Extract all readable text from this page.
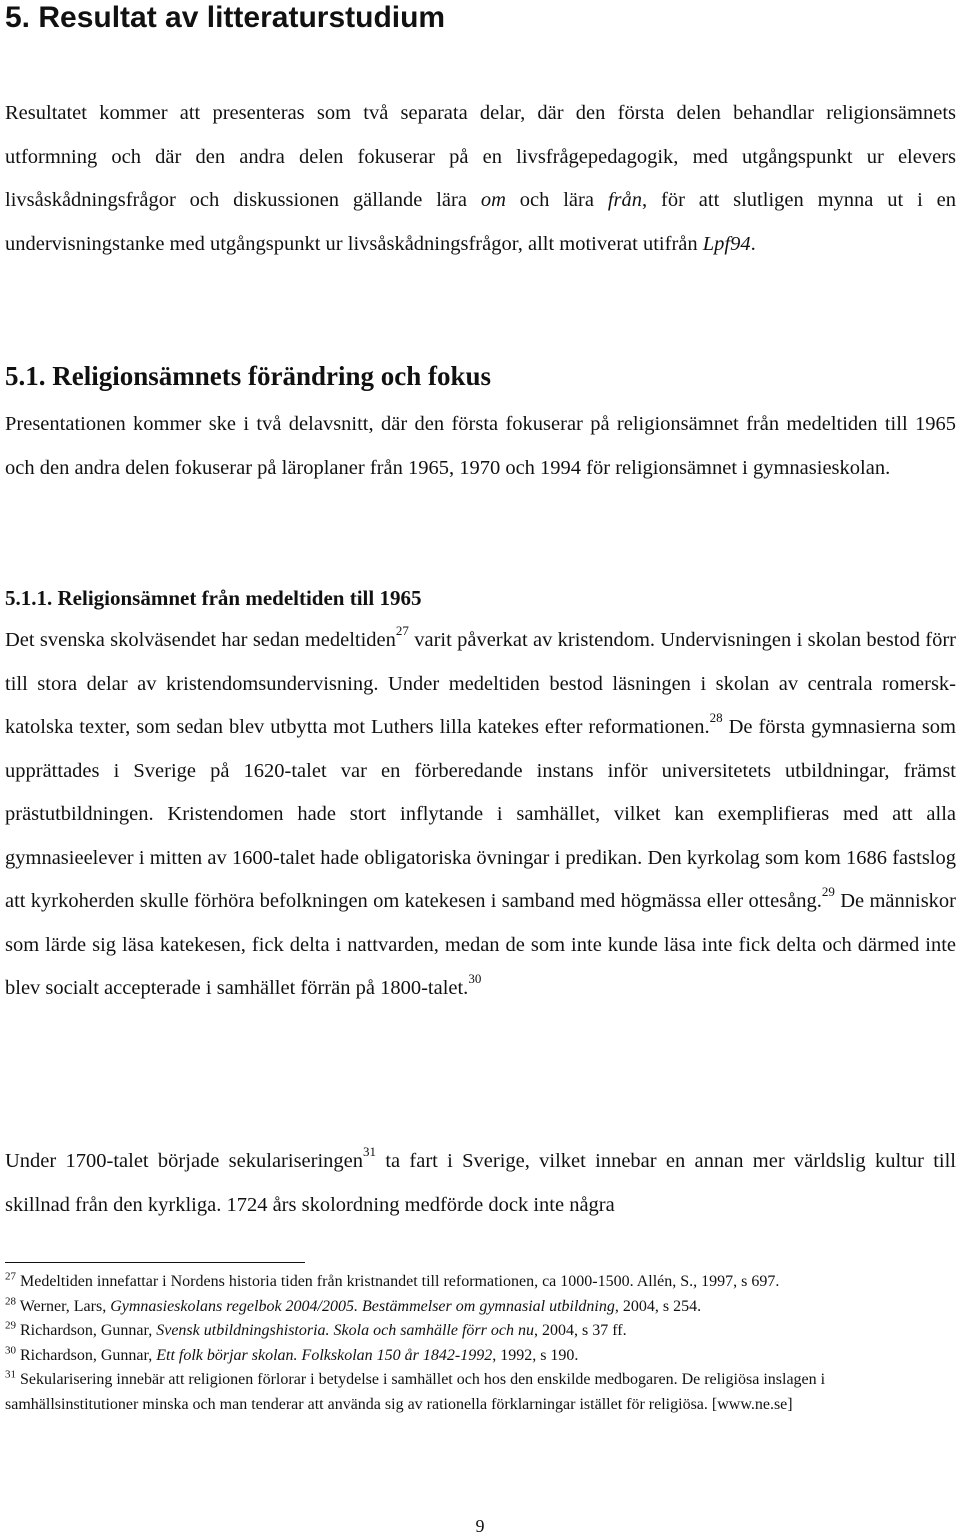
5. Resultat av litteraturstudium

Resultatet kommer att presenteras som två separata delar, där den första delen behandlar religionsämnets utformning och där den andra delen fokuserar på en livsfrågepedagogik, med utgångspunkt ur elevers livsåskådningsfrågor och diskussionen gällande lära om och lära från, för att slutligen mynna ut i en undervisningstanke med utgångspunkt ur livsåskådningsfrågor, allt motiverat utifrån Lpf94.

5.1. Religionsämnets förändring och fokus

Presentationen kommer ske i två delavsnitt, där den första fokuserar på religionsämnet från medeltiden till 1965 och den andra delen fokuserar på läroplaner från 1965, 1970 och 1994 för religionsämnet i gymnasieskolan.

5.1.1. Religionsämnet från medeltiden till 1965

Det svenska skolväsendet har sedan medeltiden$^{27}$ varit påverkat av kristendom. Undervisningen i skolan bestod förr till stora delar av kristendomsundervisning. Under medeltiden bestod läsningen i skolan av centrala romersk-katolska texter, som sedan blev utbytta mot Luthers lilla katekes efter reformationen.$^{28}$ De första gymnasierna som upprättades i Sverige på 1620-talet var en förberedande instans inför universitetets utbildningar, främst prästutbildningen. Kristendomen hade stort inflytande i samhället, vilket kan exemplifieras med att alla gymnasieelever i mitten av 1600-talet hade obligatoriska övningar i predikan. Den kyrkolag som kom 1686 fastslog att kyrkoherden skulle förhöra befolkningen om katekesen i samband med högmässa eller ottesång.$^{29}$ De människor som lärde sig läsa katekesen, fick delta i nattvarden, medan de som inte kunde läsa inte fick delta och därmed inte blev socialt accepterade i samhället förrän på 1800-talet.$^{30}$

Under 1700-talet började sekulariseringen$^{31}$ ta fart i Sverige, vilket innebar en annan mer världslig kultur till skillnad från den kyrkliga. 1724 års skolordning medförde dock inte några

$^{27}$ Medeltiden innefattar i Nordens historia tiden från kristnandet till reformationen, ca 1000-1500. Allén, S., 1997, s 697.

$^{28}$ Werner, Lars, Gymnasieskolans regelbok 2004/2005. Bestämmelser om gymnasial utbildning, 2004, s 254.

$^{29}$ Richardson, Gunnar, Svensk utbildningshistoria. Skola och samhälle förr och nu, 2004, s 37 ff.

$^{30}$ Richardson, Gunnar, Ett folk börjar skolan. Folkskolan 150 år 1842-1992, 1992, s 190.

$^{31}$ Sekularisering innebär att religionen förlorar i betydelse i samhället och hos den enskilde medbogaren. De religiösa inslagen i samhällsinstitutioner minska och man tenderar att använda sig av rationella förklarningar istället för religiösa. [www.ne.se]

9
